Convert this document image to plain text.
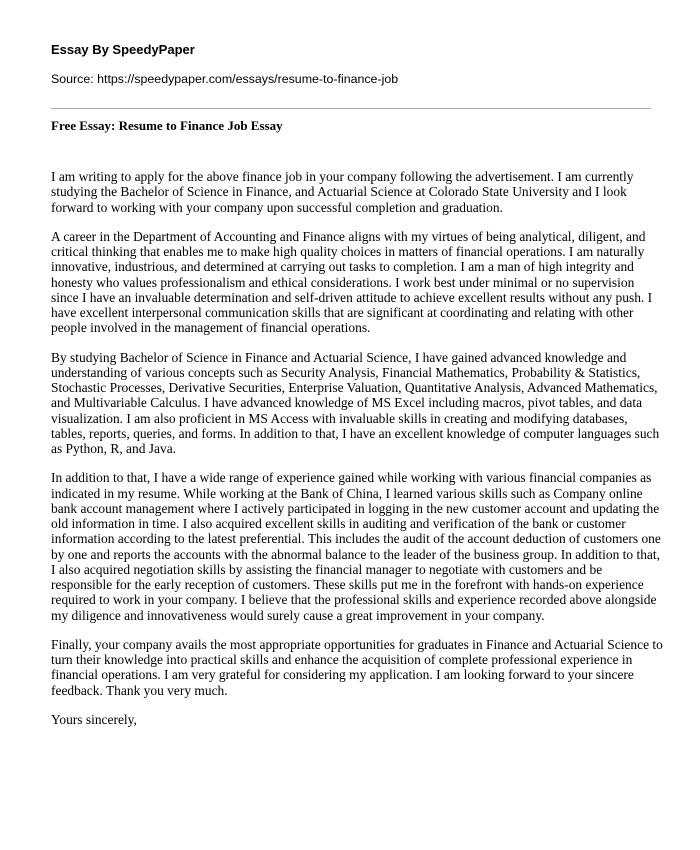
Essay By SpeedyPaper
Source: https://speedypaper.com/essays/resume-to-finance-job
Free Essay: Resume to Finance Job Essay

I am writing to apply for the above finance job in your company following the advertisement. I am currently studying the Bachelor of Science in Finance, and Actuarial Science at Colorado State University and I look forward to working with your company upon successful completion and graduation.

A career in the Department of Accounting and Finance aligns with my virtues of being analytical, diligent, and critical thinking that enables me to make high quality choices in matters of financial operations. I am naturally innovative, industrious, and determined at carrying out tasks to completion. I am a man of high integrity and honesty who values professionalism and ethical considerations. I work best under minimal or no supervision since I have an invaluable determination and self-driven attitude to achieve excellent results without any push. I have excellent interpersonal communication skills that are significant at coordinating and relating with other people involved in the management of financial operations.

By studying Bachelor of Science in Finance and Actuarial Science, I have gained advanced knowledge and understanding of various concepts such as Security Analysis, Financial Mathematics, Probability & Statistics, Stochastic Processes, Derivative Securities, Enterprise Valuation, Quantitative Analysis, Advanced Mathematics, and Multivariable Calculus. I have advanced knowledge of MS Excel including macros, pivot tables, and data visualization. I am also proficient in MS Access with invaluable skills in creating and modifying databases, tables, reports, queries, and forms. In addition to that, I have an excellent knowledge of computer languages such as Python, R, and Java.

In addition to that, I have a wide range of experience gained while working with various financial companies as indicated in my resume. While working at the Bank of China, I learned various skills such as Company online bank account management where I actively participated in logging in the new customer account and updating the old information in time. I also acquired excellent skills in auditing and verification of the bank or customer information according to the latest preferential. This includes the audit of the account deduction of customers one by one and reports the accounts with the abnormal balance to the leader of the business group. In addition to that, I also acquired negotiation skills by assisting the financial manager to negotiate with customers and be responsible for the early reception of customers. These skills put me in the forefront with hands-on experience required to work in your company. I believe that the professional skills and experience recorded above alongside my diligence and innovativeness would surely cause a great improvement in your company.

Finally, your company avails the most appropriate opportunities for graduates in Finance and Actuarial Science to turn their knowledge into practical skills and enhance the acquisition of complete professional experience in financial operations. I am very grateful for considering my application. I am looking forward to your sincere feedback. Thank you very much.

Yours sincerely,
